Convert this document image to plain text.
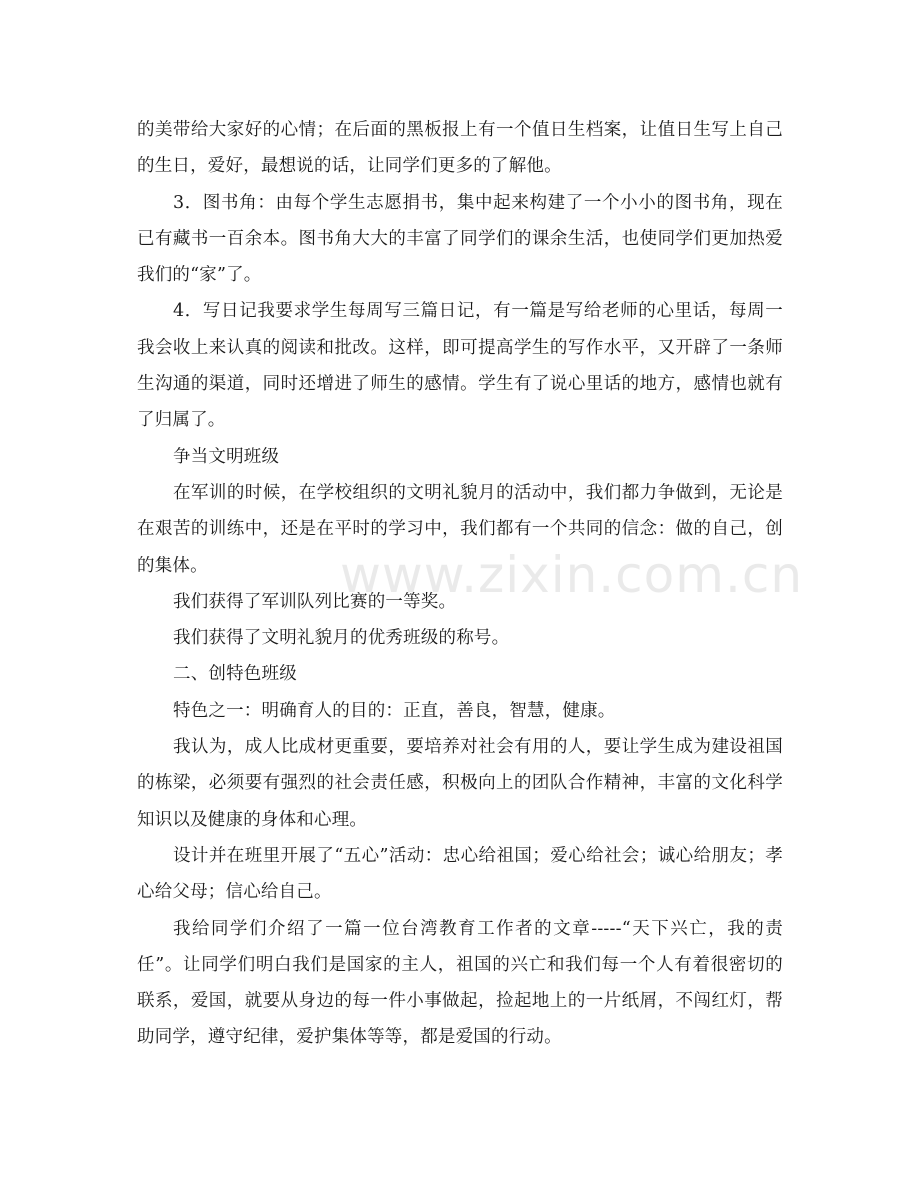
的美带给大家好的心情；在后面的黑板报上有一个值日生档案，让值日生写上自己的生日，爱好，最想说的话，让同学们更多的了解他。

3．图书角：由每个学生志愿捐书，集中起来构建了一个小小的图书角，现在已有藏书一百余本。图书角大大的丰富了同学们的课余生活，也使同学们更加热爱我们的“家”了。

4．写日记我要求学生每周写三篇日记，有一篇是写给老师的心里话，每周一我会收上来认真的阅读和批改。这样，即可提高学生的写作水平，又开辟了一条师生沟通的渠道，同时还增进了师生的感情。学生有了说心里话的地方，感情也就有了归属了。

争当文明班级

在军训的时候，在学校组织的文明礼貌月的活动中，我们都力争做到，无论是在艰苦的训练中，还是在平时的学习中，我们都有一个共同的信念：做的自己，创的集体。

我们获得了军训队列比赛的一等奖。

我们获得了文明礼貌月的优秀班级的称号。

二、创特色班级

特色之一：明确育人的目的：正直，善良，智慧，健康。

我认为，成人比成材更重要，要培养对社会有用的人，要让学生成为建设祖国的栋梁，必须要有强烈的社会责任感，积极向上的团队合作精神，丰富的文化科学知识以及健康的身体和心理。

设计并在班里开展了“五心”活动：忠心给祖国；爱心给社会；诚心给朋友；孝心给父母；信心给自己。

我给同学们介绍了一篇一位台湾教育工作者的文章-----“天下兴亡，我的责任”。让同学们明白我们是国家的主人，祖国的兴亡和我们每一个人有着很密切的联系，爱国，就要从身边的每一件小事做起，捡起地上的一片纸屑，不闯红灯，帮助同学，遵守纪律，爱护集体等等，都是爱国的行动。

www.zixin.com.cn
